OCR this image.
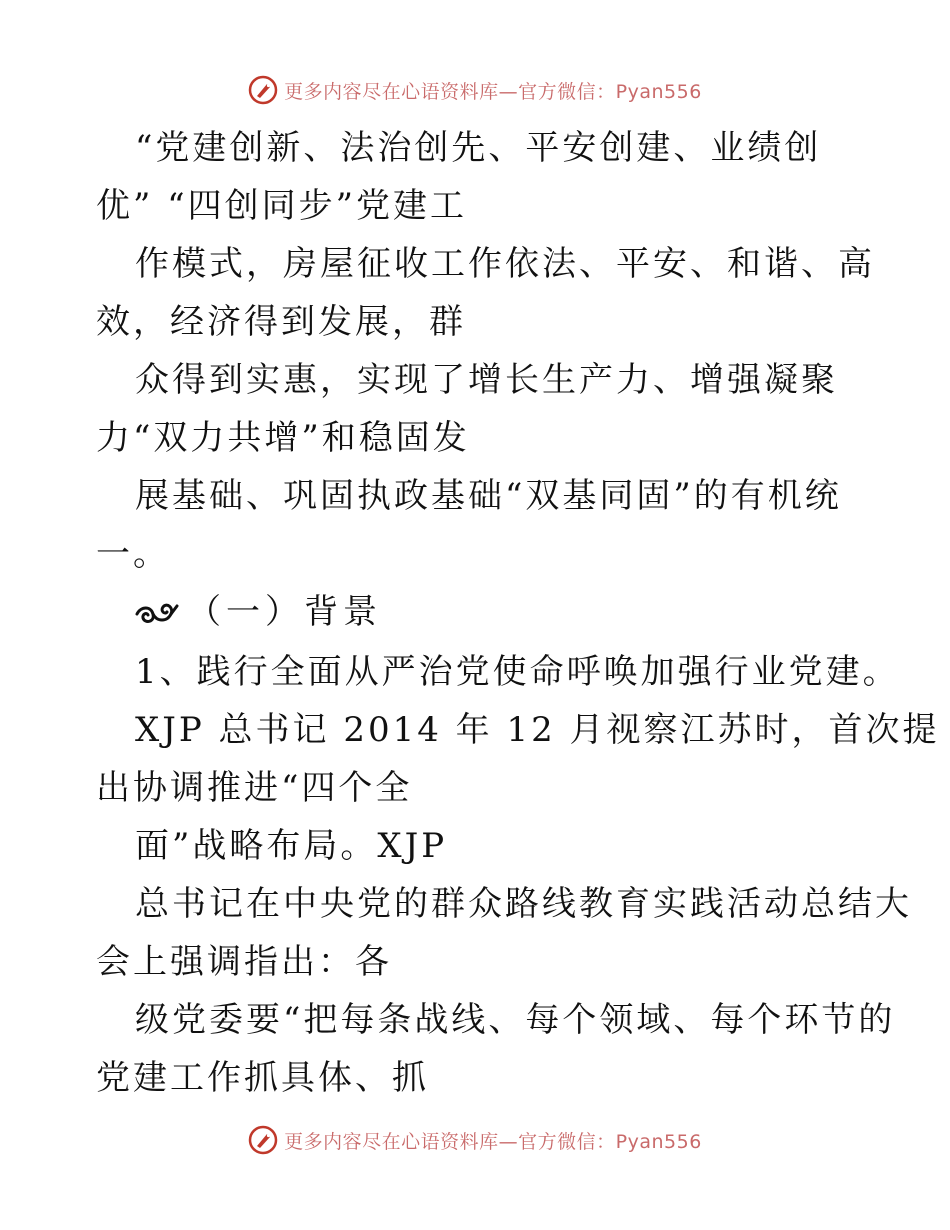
更多内容尽在心语资料库—官方微信：Pyan556
“党建创新、法治创先、平安创建、业绩创
优” “四创同步”党建工
作模式，房屋征收工作依法、平安、和谐、高
效，经济得到发展，群
众得到实惠，实现了增长生产力、增强凝聚
力“双力共增”和稳固发
展基础、巩固执政基础“双基同固”的有机统
一。
（一）背景
1、践行全面从严治党使命呼唤加强行业党建。
XJP 总书记 2014 年 12 月视察江苏时，首次提
出协调推进“四个全
面”战略布局。XJP
总书记在中央党的群众路线教育实践活动总结大
会上强调指出：各
级党委要“把每条战线、每个领域、每个环节的
党建工作抓具体、抓
更多内容尽在心语资料库—官方微信：Pyan556
